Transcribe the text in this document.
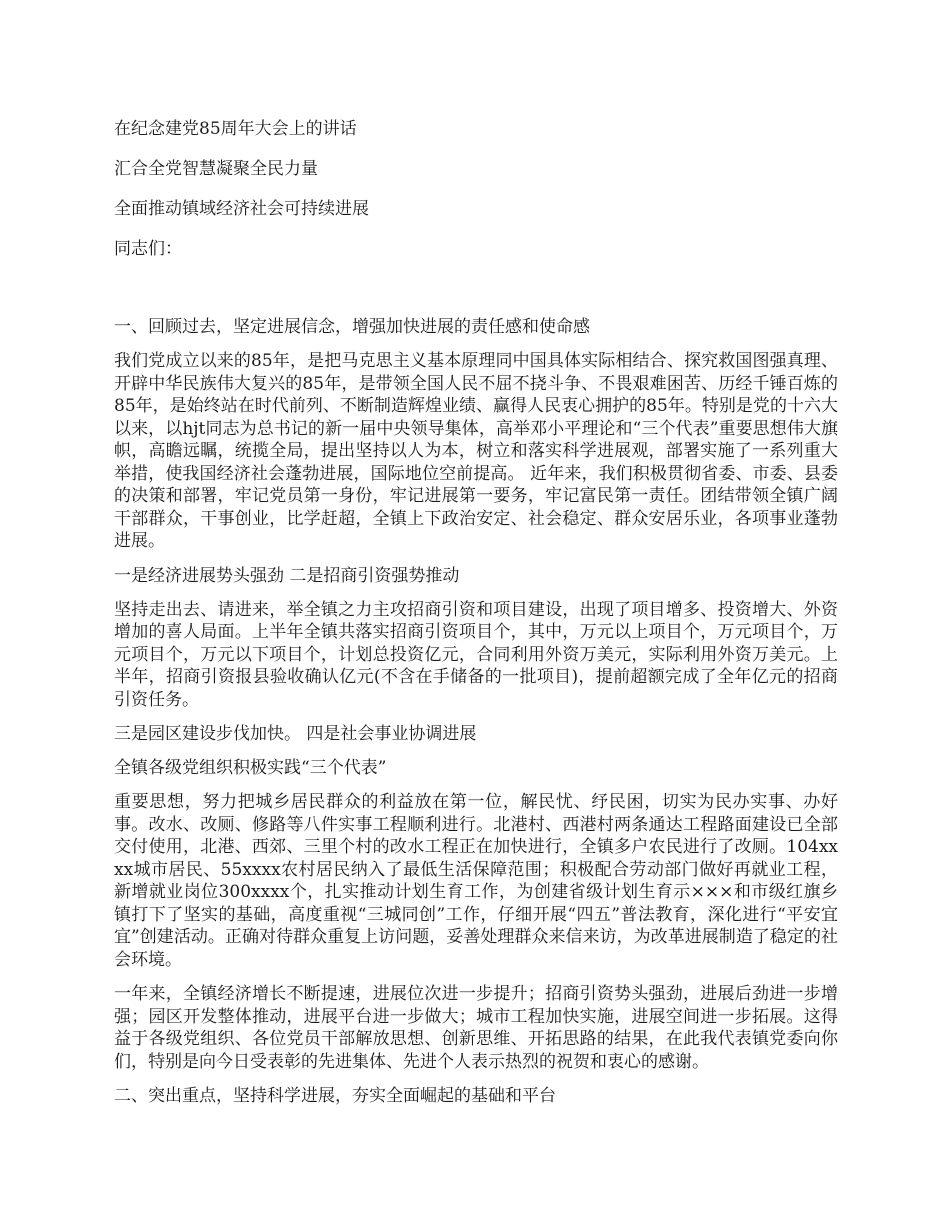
在纪念建党85周年大会上的讲话

汇合全党智慧凝聚全民力量

全面推动镇域经济社会可持续进展

同志们：

一、回顾过去，坚定进展信念，增强加快进展的责任感和使命感

我们党成立以来的85年，是把马克思主义基本原理同中国具体实际相结合、探究救国图强真理、开辟中华民族伟大复兴的85年，是带领全国人民不屈不挠斗争、不畏艰难困苦、历经千锤百炼的85年，是始终站在时代前列、不断制造辉煌业绩、赢得人民衷心拥护的85年。特别是党的十六大以来，以hjt同志为总书记的新一届中央领导集体，高举邓小平理论和“三个代表”重要思想伟大旗帜，高瞻远瞩，统揽全局，提出坚持以人为本，树立和落实科学进展观，部署实施了一系列重大举措，使我国经济社会蓬勃进展，国际地位空前提高。 近年来，我们积极贯彻省委、市委、县委的决策和部署，牢记党员第一身份，牢记进展第一要务，牢记富民第一责任。团结带领全镇广阔干部群众，干事创业，比学赶超，全镇上下政治安定、社会稳定、群众安居乐业，各项事业蓬勃进展。

一是经济进展势头强劲 二是招商引资强势推动

坚持走出去、请进来，举全镇之力主攻招商引资和项目建设，出现了项目增多、投资增大、外资增加的喜人局面。上半年全镇共落实招商引资项目个，其中，万元以上项目个，万元项目个，万元项目个，万元以下项目个，计划总投资亿元，合同利用外资万美元，实际利用外资万美元。上半年，招商引资报县验收确认亿元(不含在手储备的一批项目)，提前超额完成了全年亿元的招商引资任务。

三是园区建设步伐加快。 四是社会事业协调进展

全镇各级党组织积极实践“三个代表”

重要思想，努力把城乡居民群众的利益放在第一位，解民忧、纾民困，切实为民办实事、办好事。改水、改厕、修路等八件实事工程顺利进行。北港村、西港村两条通达工程路面建设已全部交付使用，北港、西郊、三里个村的改水工程正在加快进行，全镇多户农民进行了改厕。104xxxx城市居民、55xxxx农村居民纳入了最低生活保障范围；积极配合劳动部门做好再就业工程，新增就业岗位300xxxx个，扎实推动计划生育工作，为创建省级计划生育示×××和市级红旗乡镇打下了坚实的基础，高度重视“三城同创”工作，仔细开展“四五”普法教育，深化进行“平安宜宜”创建活动。正确对待群众重复上访问题，妥善处理群众来信来访，为改革进展制造了稳定的社会环境。

一年来，全镇经济增长不断提速，进展位次进一步提升；招商引资势头强劲，进展后劲进一步增强；园区开发整体推动，进展平台进一步做大；城市工程加快实施，进展空间进一步拓展。这得益于各级党组织、各位党员干部解放思想、创新思维、开拓思路的结果，在此我代表镇党委向你们，特别是向今日受表彰的先进集体、先进个人表示热烈的祝贺和衷心的感谢。

二、突出重点，坚持科学进展，夯实全面崛起的基础和平台
